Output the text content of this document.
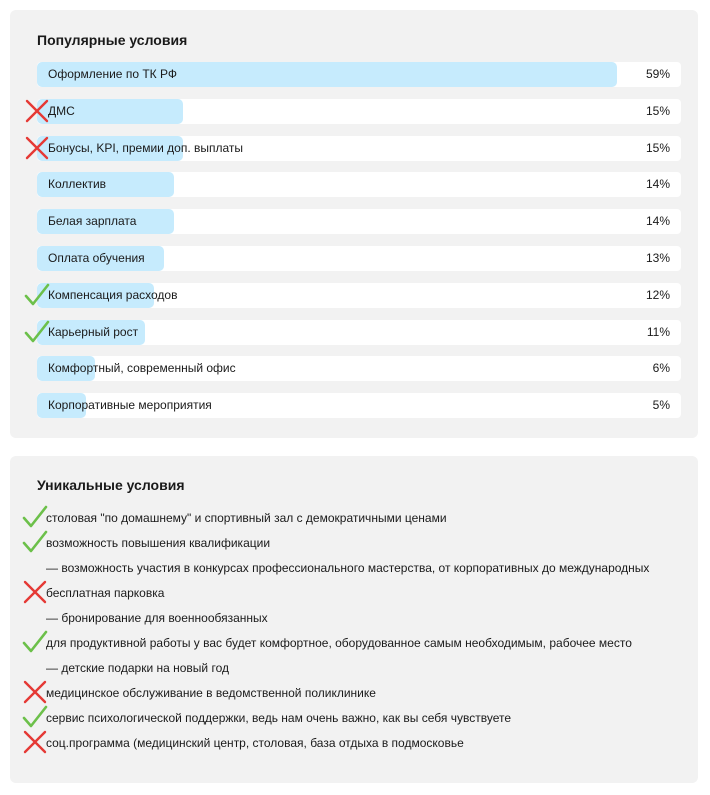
Популярные условия
Оформление по ТК РФ	59%
ДМС	15%
Бонусы, KPI, премии доп. выплаты	15%
Коллектив	14%
Белая зарплата	14%
Оплата обучения	13%
Компенсация расходов	12%
Карьерный рост	11%
Комфортный, современный офис	6%
Корпоративные мероприятия	5%
Уникальные условия
столовая "по домашнему" и спортивный зал с демократичными ценами
возможность повышения квалификации
— возможность участия в конкурсах профессионального мастерства, от корпоративных до международных
бесплатная парковка
— бронирование для военнообязанных
для продуктивной работы у вас будет комфортное, оборудованное самым необходимым, рабочее место
— детские подарки на новый год
медицинское обслуживание в ведомственной поликлинике
сервис психологической поддержки, ведь нам очень важно, как вы себя чувствуете
соц.программа (медицинский центр, столовая, база отдыха в подмосковье
